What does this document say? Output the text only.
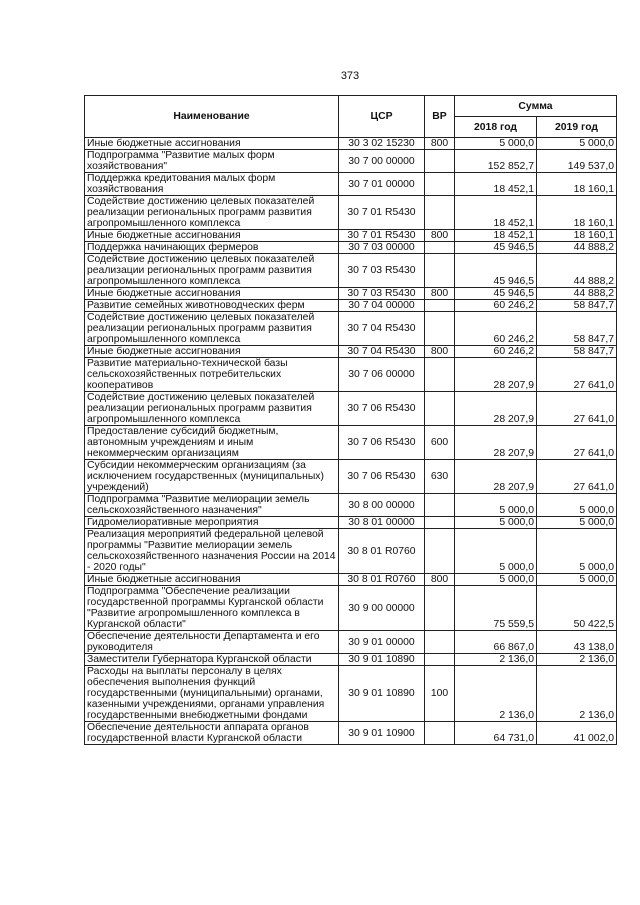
373
Наименование	ЦСР	ВР	Сумма	
			2018 год	2019 год
Иные бюджетные ассигнования	30 3 02 15230	800	5 000,0	5 000,0
Подпрограмма "Развитие малых форм хозяйствования"	30 7 00 00000		152 852,7	149 537,0
Поддержка кредитования малых форм хозяйствования	30 7 01 00000		18 452,1	18 160,1
Содействие достижению целевых показателей реализации региональных программ развития агропромышленного комплекса	30 7 01 R5430		18 452,1	18 160,1
Иные бюджетные ассигнования	30 7 01 R5430	800	18 452,1	18 160,1
Поддержка начинающих фермеров	30 7 03 00000		45 946,5	44 888,2
Содействие достижению целевых показателей реализации региональных программ развития агропромышленного комплекса	30 7 03 R5430		45 946,5	44 888,2
Иные бюджетные ассигнования	30 7 03 R5430	800	45 946,5	44 888,2
Развитие семейных животноводческих ферм	30 7 04 00000		60 246,2	58 847,7
Содействие достижению целевых показателей реализации региональных программ развития агропромышленного комплекса	30 7 04 R5430		60 246,2	58 847,7
Иные бюджетные ассигнования	30 7 04 R5430	800	60 246,2	58 847,7
Развитие материально-технической базы сельскохозяйственных потребительских кооперативов	30 7 06 00000		28 207,9	27 641,0
Содействие достижению целевых показателей реализации региональных программ развития агропромышленного комплекса	30 7 06 R5430		28 207,9	27 641,0
Предоставление субсидий бюджетным, автономным учреждениям и иным некоммерческим организациям	30 7 06 R5430	600	28 207,9	27 641,0
Субсидии некоммерческим организациям (за исключением государственных (муниципальных) учреждений)	30 7 06 R5430	630	28 207,9	27 641,0
Подпрограмма "Развитие мелиорации земель сельскохозяйственного назначения"	30 8 00 00000		5 000,0	5 000,0
Гидромелиоративные мероприятия	30 8 01 00000		5 000,0	5 000,0
Реализация мероприятий федеральной целевой программы "Развитие мелиорации земель сельскохозяйственного назначения России на 2014 - 2020 годы"	30 8 01 R0760		5 000,0	5 000,0
Иные бюджетные ассигнования	30 8 01 R0760	800	5 000,0	5 000,0
Подпрограмма "Обеспечение реализации государственной программы Курганской области "Развитие агропромышленного комплекса в Курганской области"	30 9 00 00000		75 559,5	50 422,5
Обеспечение деятельности Департамента и его руководителя	30 9 01 00000		66 867,0	43 138,0
Заместители Губернатора Курганской области	30 9 01 10890		2 136,0	2 136,0
Расходы на выплаты персоналу в целях обеспечения выполнения функций государственными (муниципальными) органами, казенными учреждениями, органами управления государственными внебюджетными фондами	30 9 01 10890	100	2 136,0	2 136,0
Обеспечение деятельности аппарата органов государственной власти Курганской области	30 9 01 10900		64 731,0	41 002,0
